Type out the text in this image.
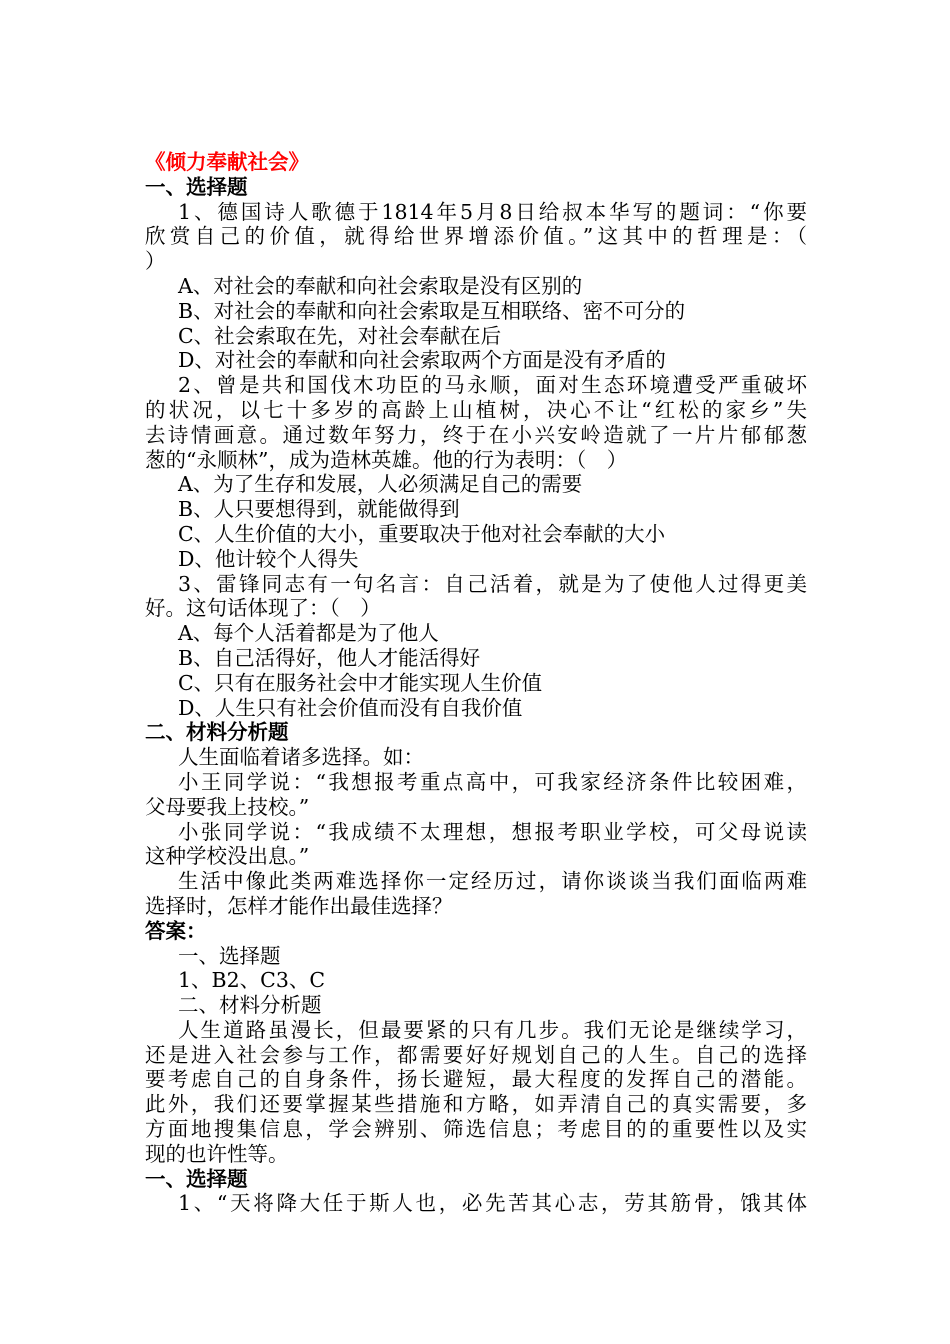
《倾力奉献社会》
一、选择题
1、德国诗人歌德于1814年5月8日给叔本华写的题词：“你要
欣赏自己的价值，就得给世界增添价值。”这其中的哲理是：（
）
A、对社会的奉献和向社会索取是没有区别的
B、对社会的奉献和向社会索取是互相联络、密不可分的
C、社会索取在先，对社会奉献在后
D、对社会的奉献和向社会索取两个方面是没有矛盾的
2、曾是共和国伐木功臣的马永顺，面对生态环境遭受严重破坏
的状况，以七十多岁的高龄上山植树，决心不让“红松的家乡”失
去诗情画意。通过数年努力，终于在小兴安岭造就了一片片郁郁葱
葱的“永顺林”，成为造林英雄。他的行为表明：（　）
A、为了生存和发展，人必须满足自己的需要
B、人只要想得到，就能做得到
C、人生价值的大小，重要取决于他对社会奉献的大小
D、他计较个人得失
3、雷锋同志有一句名言：自己活着，就是为了使他人过得更美
好。这句话体现了：（　）
A、每个人活着都是为了他人
B、自己活得好，他人才能活得好
C、只有在服务社会中才能实现人生价值
D、人生只有社会价值而没有自我价值
二、材料分析题
人生面临着诸多选择。如：
小王同学说：“我想报考重点高中，可我家经济条件比较困难，
父母要我上技校。”
小张同学说：“我成绩不太理想，想报考职业学校，可父母说读
这种学校没出息。”
生活中像此类两难选择你一定经历过，请你谈谈当我们面临两难
选择时，怎样才能作出最佳选择？
答案：
一、选择题
1、B2、C3、C
二、材料分析题
人生道路虽漫长，但最要紧的只有几步。我们无论是继续学习，
还是进入社会参与工作，都需要好好规划自己的人生。自己的选择
要考虑自己的自身条件，扬长避短，最大程度的发挥自己的潜能。
此外，我们还要掌握某些措施和方略，如弄清自己的真实需要，多
方面地搜集信息，学会辨别、筛选信息；考虑目的的重要性以及实
现的也许性等。
一、选择题
1、“天将降大任于斯人也，必先苦其心志，劳其筋骨，饿其体
